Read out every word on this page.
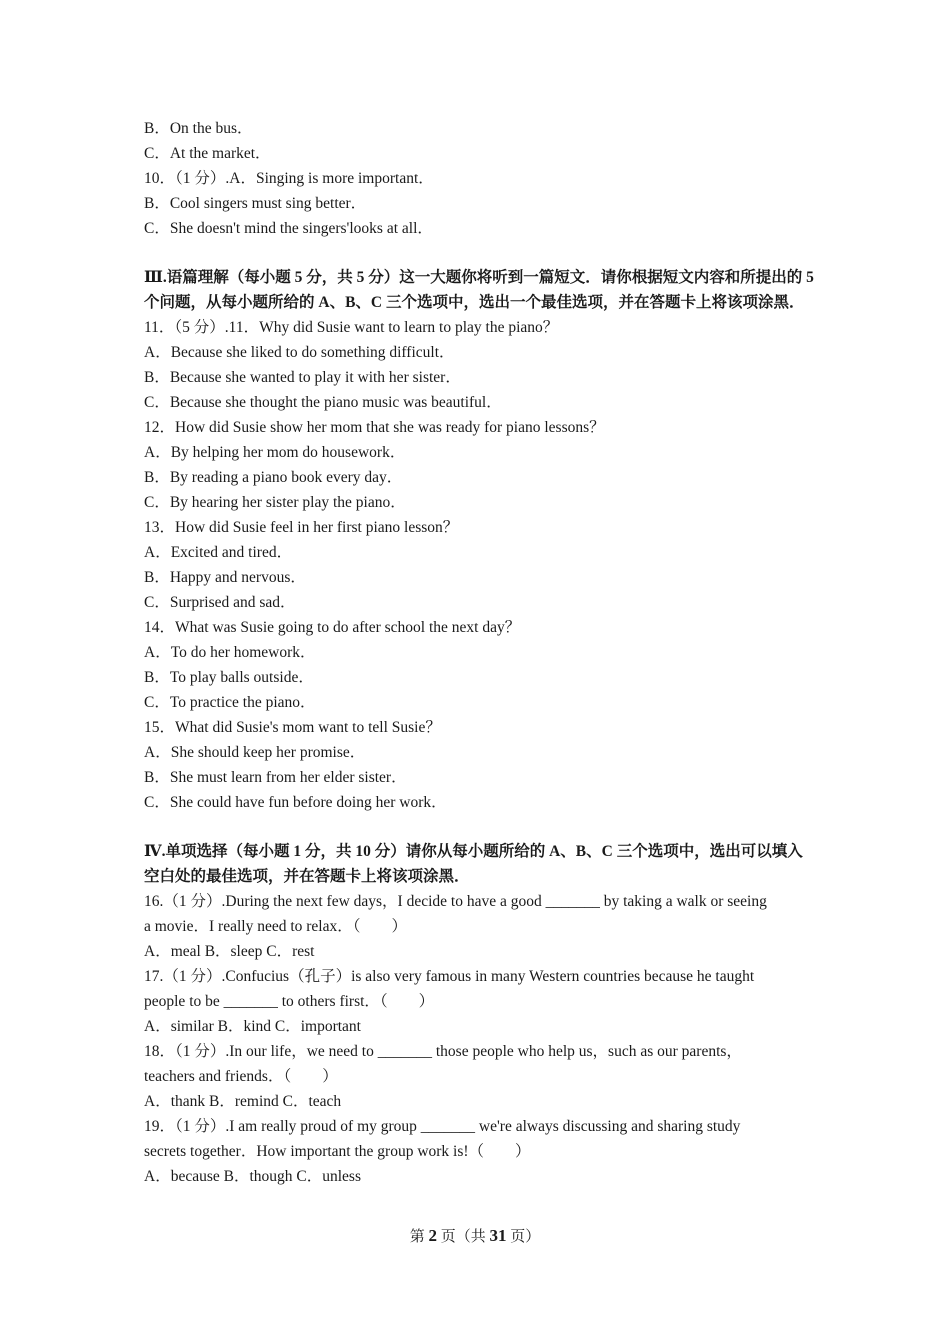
B．On the bus．
C．At the market．
10．（1 分）.A．Singing is more important．
B．Cool singers must sing better．
C．She doesn't mind the singers'looks at all．
Ⅲ.语篇理解（每小题 5 分，共 5 分）这一大题你将听到一篇短文．请你根据短文内容和所提出的 5 个问题，从每小题所给的 A、B、C 三个选项中，选出一个最佳选项，并在答题卡上将该项涂黑．
11．（5 分）.11．Why did Susie want to learn to play the piano？
A．Because she liked to do something difficult．
B．Because she wanted to play it with her sister．
C．Because she thought the piano music was beautiful．
12．How did Susie show her mom that she was ready for piano lessons？
A．By helping her mom do housework．
B．By reading a piano book every day．
C．By hearing her sister play the piano．
13．How did Susie feel in her first piano lesson？
A．Excited and tired．
B．Happy and nervous．
C．Surprised and sad．
14．What was Susie going to do after school the next day？
A．To do her homework．
B．To play balls outside．
C．To practice the piano．
15．What did Susie's mom want to tell Susie？
A．She should keep her promise．
B．She must learn from her elder sister．
C．She could have fun before doing her work．
Ⅳ.单项选择（每小题 1 分，共 10 分）请你从每小题所给的 A、B、C 三个选项中，选出可以填入空白处的最佳选项，并在答题卡上将该项涂黑．
16.（1 分）.During the next few days，I decide to have a good _______ by taking a walk or seeing
a movie．I really need to relax．（　　）
A．meal B．sleep C．rest
17.（1 分）.Confucius（孔子）is also very famous in many Western countries because he taught
people to be _______ to others first．（　　）
A．similar B．kind C．important
18．（1 分）.In our life，we need to _______ those people who help us，such as our parents，
teachers and friends．（　　）
A．thank B．remind C．teach
19．（1 分）.I am really proud of my group _______ we're always discussing and sharing study
secrets together．How important the group work is!（　　）
A．because B．though C．unless
第 2 页（共 31 页）
